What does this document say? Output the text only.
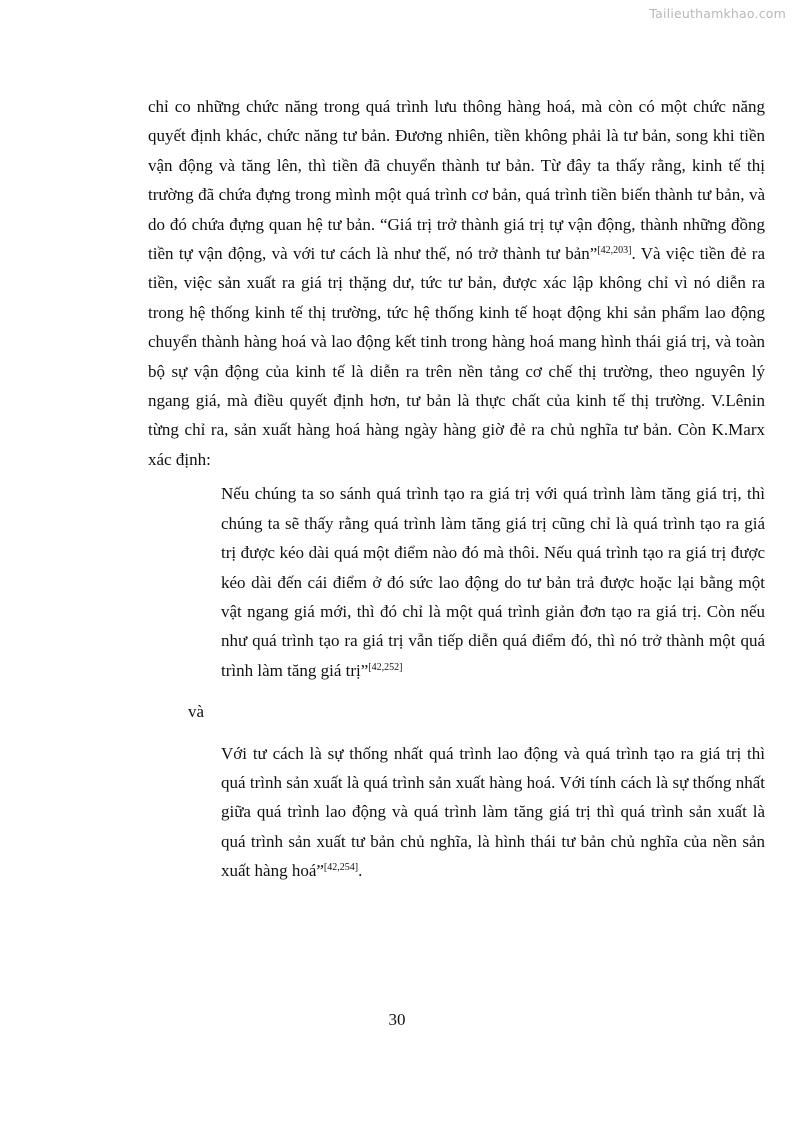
Tailieuthamkhao.com

chỉ co những chức năng trong quá trình lưu thông hàng hoá, mà còn có một chức năng quyết định khác, chức năng tư bản. Đương nhiên, tiền không phải là tư bản, song khi tiền vận động và tăng lên, thì tiền đã chuyển thành tư bản. Từ đây ta thấy rằng, kinh tế thị trường đã chứa đựng trong mình một quá trình cơ bản, quá trình tiền biến thành tư bản, và do đó chứa đựng quan hệ tư bản. “Giá trị trở thành giá trị tự vận động, thành những đồng tiền tự vận động, và với tư cách là như thế, nó trở thành tư bản”[42,203]. Và việc tiền đẻ ra tiền, việc sản xuất ra giá trị thặng dư, tức tư bản, được xác lập không chỉ vì nó diễn ra trong hệ thống kinh tế thị trường, tức hệ thống kinh tế hoạt động khi sản phẩm lao động chuyển thành hàng hoá và lao động kết tinh trong hàng hoá mang hình thái giá trị, và toàn bộ sự vận động của kinh tế là diễn ra trên nền tảng cơ chế thị trường, theo nguyên lý ngang giá, mà điều quyết định hơn, tư bản là thực chất của kinh tế thị trường. V.Lênin từng chỉ ra, sản xuất hàng hoá hàng ngày hàng giờ đẻ ra chủ nghĩa tư bản. Còn K.Marx xác định:

Nếu chúng ta so sánh quá trình tạo ra giá trị với quá trình làm tăng giá trị, thì chúng ta sẽ thấy rằng quá trình làm tăng giá trị cũng chỉ là quá trình tạo ra giá trị được kéo dài quá một điểm nào đó mà thôi. Nếu quá trình tạo ra giá trị được kéo dài đến cái điểm ở đó sức lao động do tư bản trả được hoặc lại bằng một vật ngang giá mới, thì đó chỉ là một quá trình giản đơn tạo ra giá trị. Còn nếu như quá trình tạo ra giá trị vẫn tiếp diễn quá điểm đó, thì nó trở thành một quá trình làm tăng giá trị”[42,252]

và

Với tư cách là sự thống nhất quá trình lao động và quá trình tạo ra giá trị thì quá trình sản xuất là quá trình sản xuất hàng hoá. Với tính cách là sự thống nhất giữa quá trình lao động và quá trình làm tăng giá trị thì quá trình sản xuất là quá trình sản xuất tư bản chủ nghĩa, là hình thái tư bản chủ nghĩa của nền sản xuất hàng hoá”[42,254].

30
